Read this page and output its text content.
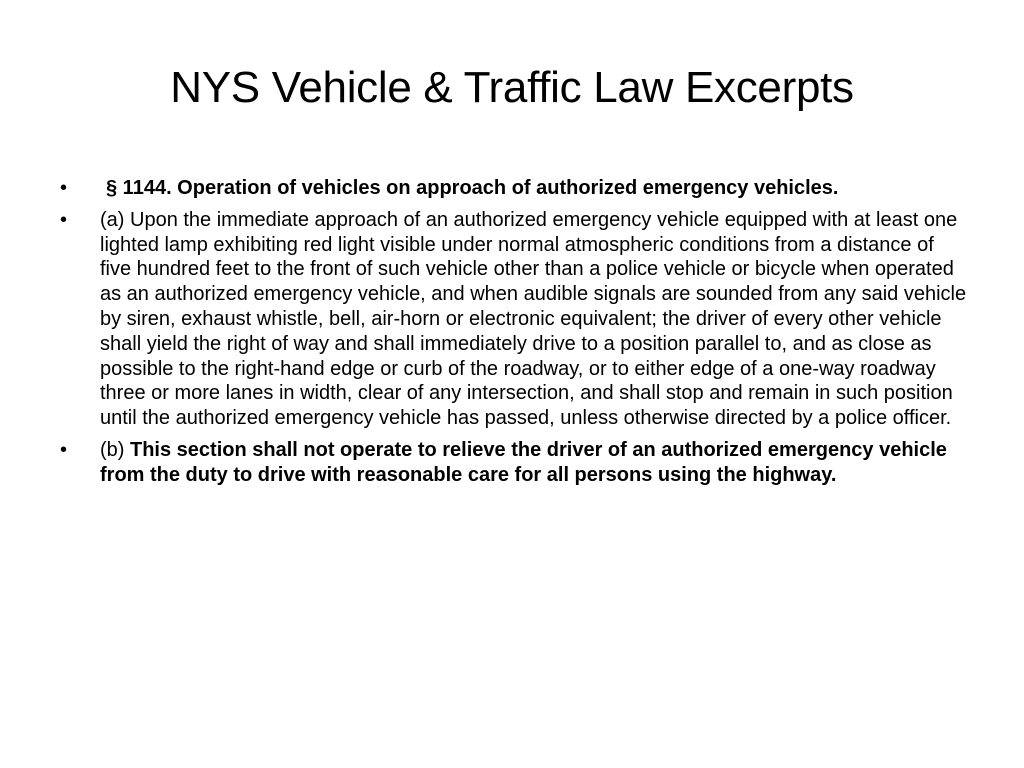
NYS Vehicle & Traffic Law Excerpts
•	§ 1144. Operation of vehicles on approach of authorized emergency vehicles.
•	(a) Upon the immediate approach of an authorized emergency vehicle equipped with at least one lighted lamp exhibiting red light visible under normal atmospheric conditions from a distance of five hundred feet to the front of such vehicle other than a police vehicle or bicycle when operated as an authorized emergency vehicle, and when audible signals are sounded from any said vehicle by siren, exhaust whistle, bell, air-horn or electronic equivalent; the driver of every other vehicle shall yield the right of way and shall immediately drive to a position parallel to, and as close as possible to the right-hand edge or curb of the roadway, or to either edge of a one-way roadway three or more lanes in width, clear of any intersection, and shall stop and remain in such position until the authorized emergency vehicle has passed, unless otherwise directed by a police officer.
•	(b) This section shall not operate to relieve the driver of an authorized emergency vehicle from the duty to drive with reasonable care for all persons using the highway.
